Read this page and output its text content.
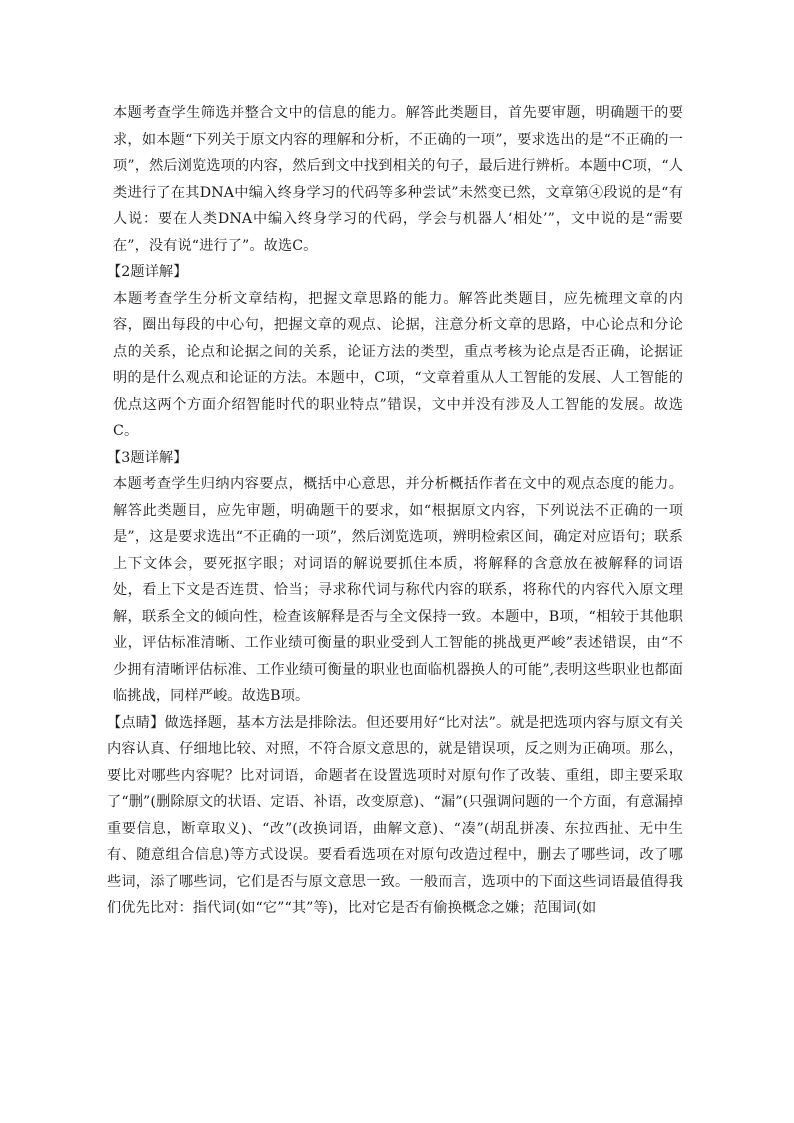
本题考查学生筛选并整合文中的信息的能力。解答此类题目，首先要审题，明确题干的要求，如本题“下列关于原文内容的理解和分析，不正确的一项”，要求选出的是“不正确的一项”，然后浏览选项的内容，然后到文中找到相关的句子，最后进行辨析。本题中C项，“人类进行了在其DNA中编入终身学习的代码等多种尝试”未然变已然，文章第④段说的是“有人说：要在人类DNA中编入终身学习的代码，学会与机器人‘相处’”，文中说的是“需要在”，没有说“进行了”。故选C。

【2题详解】

本题考查学生分析文章结构，把握文章思路的能力。解答此类题目，应先梳理文章的内容，圈出每段的中心句，把握文章的观点、论据，注意分析文章的思路，中心论点和分论点的关系，论点和论据之间的关系，论证方法的类型，重点考核为论点是否正确，论据证明的是什么观点和论证的方法。本题中，C项，“文章着重从人工智能的发展、人工智能的优点这两个方面介绍智能时代的职业特点”错误，文中并没有涉及人工智能的发展。故选C。

【3题详解】

本题考查学生归纳内容要点，概括中心意思，并分析概括作者在文中的观点态度的能力。解答此类题目，应先审题，明确题干的要求，如“根据原文内容，下列说法不正确的一项是”，这是要求选出“不正确的一项”，然后浏览选项，辨明检索区间，确定对应语句；联系上下文体会，要死抠字眼；对词语的解说要抓住本质，将解释的含意放在被解释的词语处，看上下文是否连贯、恰当；寻求称代词与称代内容的联系，将称代的内容代入原文理解，联系全文的倾向性，检查该解释是否与全文保持一致。本题中，B项，“相较于其他职业，评估标准清晰、工作业绩可衡量的职业受到人工智能的挑战更严峻”表述错误，由“不少拥有清晰评估标准、工作业绩可衡量的职业也面临机器换人的可能”,表明这些职业也都面临挑战，同样严峻。故选B项。

【点睛】做选择题，基本方法是排除法。但还要用好“比对法”。就是把选项内容与原文有关内容认真、仔细地比较、对照，不符合原文意思的，就是错误项，反之则为正确项。那么，要比对哪些内容呢？比对词语，命题者在设置选项时对原句作了改装、重组，即主要采取了“删”(删除原文的状语、定语、补语，改变原意)、“漏”(只强调问题的一个方面，有意漏掉重要信息，断章取义)、“改”(改换词语，曲解文意)、“凑”(胡乱拼凑、东拉西扯、无中生有、随意组合信息)等方式设误。要看看选项在对原句改造过程中，删去了哪些词，改了哪些词，添了哪些词，它们是否与原文意思一致。一般而言，选项中的下面这些词语最值得我们优先比对：指代词(如“它”“其”等)，比对它是否有偷换概念之嫌；范围词(如
